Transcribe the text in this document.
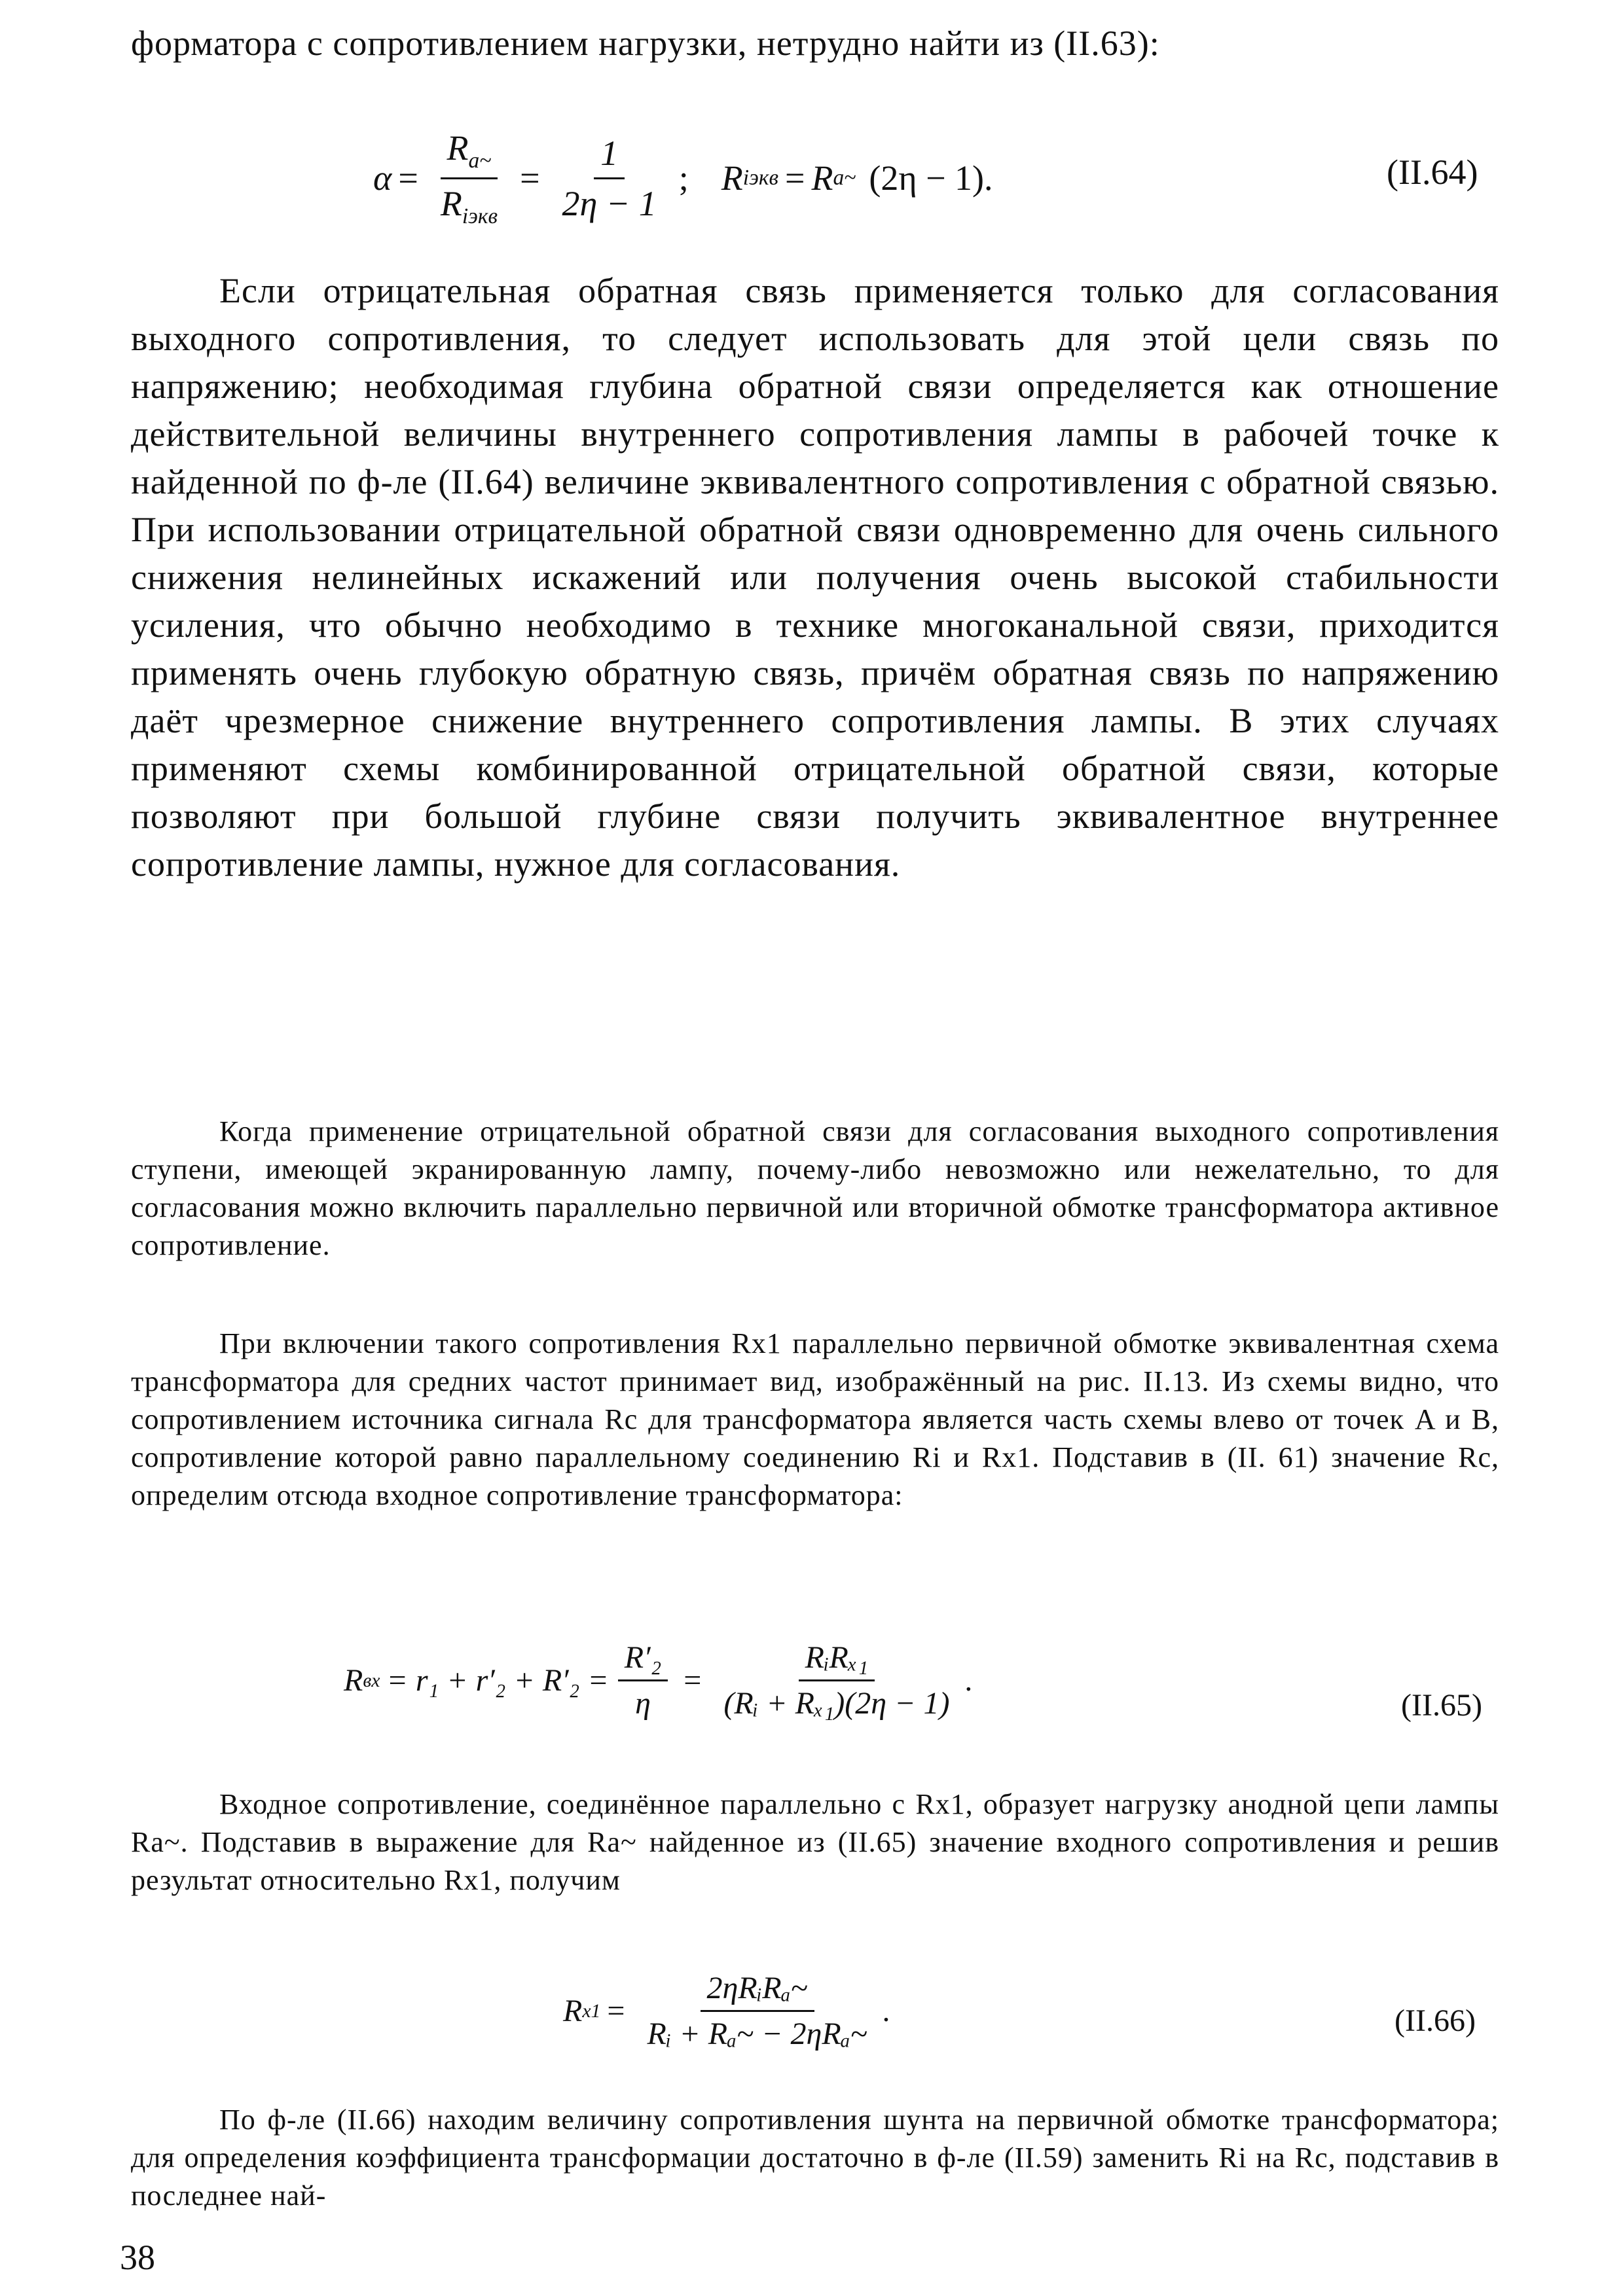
форматора с сопротивлением нагрузки, нетрудно найти из (II.63):

$\alpha = \frac{R_{a\sim}}{R_{iэкв}} = \frac{1}{2\eta - 1}$ ; R iэкв = R a~ (2η − 1).	(II.64)

Если отрицательная обратная связь применяется только для согласования выходного сопротивления, то следует использовать для этой цели связь по напряжению; необходимая глубина обратной связи определяется как отношение действительной величины внутреннего сопротивления лампы в рабочей точке к найденной по ф-ле (II.64) величине эквивалентного сопротивления с обратной связью. При использовании отрицательной обратной связи одновременно для очень сильного снижения нелинейных искажений или получения очень высокой стабильности усиления, что обычно необходимо в технике многоканальной связи, приходится применять очень глубокую обратную связь, причём обратная связь по напряжению даёт чрезмерное снижение внутреннего сопротивления лампы. В этих случаях применяют схемы комбинированной отрицательной обратной связи, которые позволяют при большой глубине связи получить эквивалентное внутреннее сопротивление лампы, нужное для согласования.

Когда применение отрицательной обратной связи для согласования выходного сопротивления ступени, имеющей экранированную лампу, почему-либо невозможно или нежелательно, то для согласования можно включить параллельно первичной или вторичной обмотке трансформатора активное сопротивление.

При включении такого сопротивления Rx1 параллельно первичной обмотке эквивалентная схема трансформатора для средних частот принимает вид, изображённый на рис. II.13. Из схемы видно, что сопротивлением источника сигнала Rc для трансформатора является часть схемы влево от точек A и B, сопротивление которой равно параллельному соединению Ri и Rx1. Подставив в (II. 61) значение Rc, определим отсюда входное сопротивление трансформатора:

R вх = $r_1 + r'_2 + R'_2 = \frac{\text{R′₂}}{\eta} = \frac{\text{RᵢRₓ₁}}{\text{(Rᵢ + Rₓ₁)(2η − 1)}}$ .
(II.65)

Входное сопротивление, соединённое параллельно с Rx1, образует нагрузку анодной цепи лампы Ra~. Подставив в выражение для Ra~ найденное из (II.65) значение входного сопротивления и решив результат относительно Rx1, получим

R $x1 = \frac{\text{2ηRᵢRₐ\textasciitilde{}}}{\text{Rᵢ + Rₐ\textasciitilde{} − 2ηRₐ\textasciitilde{}}}$ .	(II.66)

По ф-ле (II.66) находим величину сопротивления шунта на первичной обмотке трансформатора; для определения коэффициента трансформации достаточно в ф-ле (II.59) заменить Ri на Rc, подставив в последнее най-

38
